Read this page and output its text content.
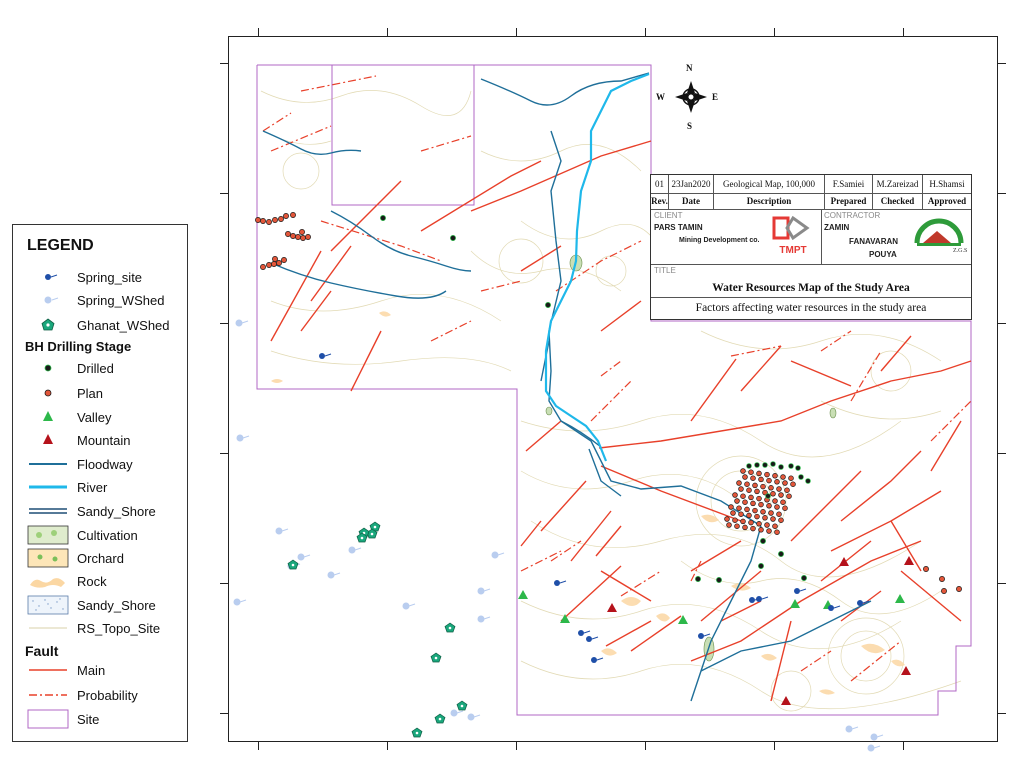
LEGEND
Spring_site
Spring_WShed
Ghanat_WShed
BH Drilling Stage
Drilled
Plan
Valley
Mountain
Floodway
River
Sandy_Shore
Cultivation
Orchard
Rock
Sandy_Shore
RS_Topo_Site
Fault
Main
Probability
Site
N
S
E
W
01 23Jan2020	Geological Map, 100,000	F.Samiei	M.Zareizad	H.Shamsi
Rev.	Date	Description	Prepared	Checked	Approved
CLIENT
PARS TAMIN
Mining Development co.
TMPT
CONTRACTOR
ZAMIN
FANAVARAN
POUYA	Z.G.S
TITLE
Water Resources Map of the Study Area
Factors affecting water resources in the study area
